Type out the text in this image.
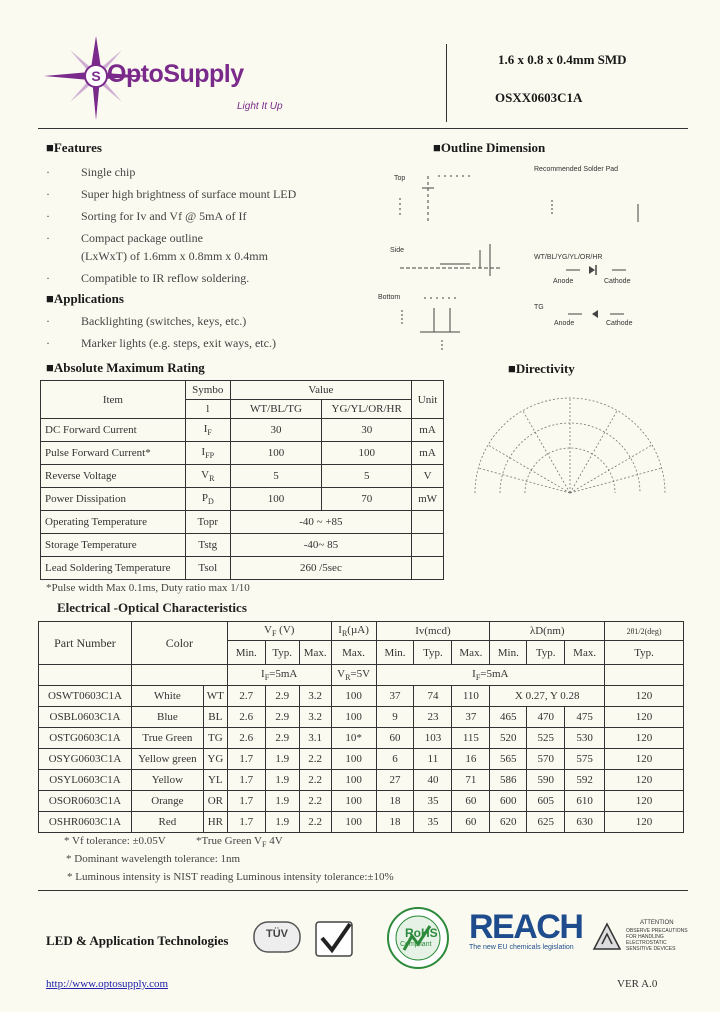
S OptoSupply
Light It Up
1.6 x 0.8 x 0.4mm SMD
OSXX0603C1A
■Features
·	Single chip
·	Super high brightness of surface mount LED
·	Sorting for Iv and Vf @ 5mA of If
·	Compact package outline
(LxWxT) of 1.6mm x 0.8mm x 0.4mm
·	Compatible to IR reflow soldering.
■Applications
·	Backlighting (switches, keys, etc.)
·	Marker lights (e.g. steps, exit ways, etc.)
■Outline Dimension
Top
Side
Bottom
Recommended Solder Pad
WT/BL/YG/YL/OR/HR
Anode	Cathode
TG
Anode	Cathode
■Absolute Maximum Rating
Item	Symbo	Value		Unit
	l	WT/BL/TG	YG/YL/OR/HR	
DC Forward Current	$I_F$	30	30	mA
Pulse Forward Current*	$I_{FP}$	100	100	mA
Reverse Voltage	$V_R$	5	5	V
Power Dissipation	$P_D$	100	70	mW
Operating Temperature	Topr	-40 ~ +85		
Storage Temperature	Tstg	-40~ 85		
Lead Soldering Temperature	Tsol	260 /5sec		
*Pulse width Max 0.1ms, Duty ratio max 1/10
■Directivity
Electrical -Optical Characteristics
Part Number	Color		$V_F$ (V)			$I_R(\mu A)$	Iv(mcd)			λD(nm)			2θ1/2(deg)
			Min.	Typ.	Max.	Max.	Min.	Typ.	Max.	Min.	Typ.	Max.	Typ.
			$I_F=5mA$			$V_R=5V$	$I_F=5mA$						
OSWT0603C1A	White	WT	2.7	2.9	3.2	100	37	74	110	X 0.27, Y 0.28			120
OSBL0603C1A	Blue	BL	2.6	2.9	3.2	100	9	23	37	465	470	475	120
OSTG0603C1A	True Green	TG	2.6	2.9	3.1	10*	60	103	115	520	525	530	120
OSYG0603C1A	Yellow green	YG	1.7	1.9	2.2	100	6	11	16	565	570	575	120
OSYL0603C1A	Yellow	YL	1.7	1.9	2.2	100	27	40	71	586	590	592	120
OSOR0603C1A	Orange	OR	1.7	1.9	2.2	100	18	35	60	600	605	610	120
OSHR0603C1A	Red	HR	1.7	1.9	2.2	100	18	35	60	620	625	630	120
* Vf tolerance: ±0.05V	*True Green $V_F$ 4V
* Dominant wavelength tolerance: 1nm
* Luminous intensity is NIST reading Luminous intensity tolerance:±10%
LED & Application Technologies	TÜV	RoHS
Compliant REACH
The new EU chemicals legislation
ATTENTION
OBSERVE PRECAUTIONS FOR HANDLING ELECTROSTATIC SENSITIVE DEVICES
http://www.optosupply.com	VER A.0
